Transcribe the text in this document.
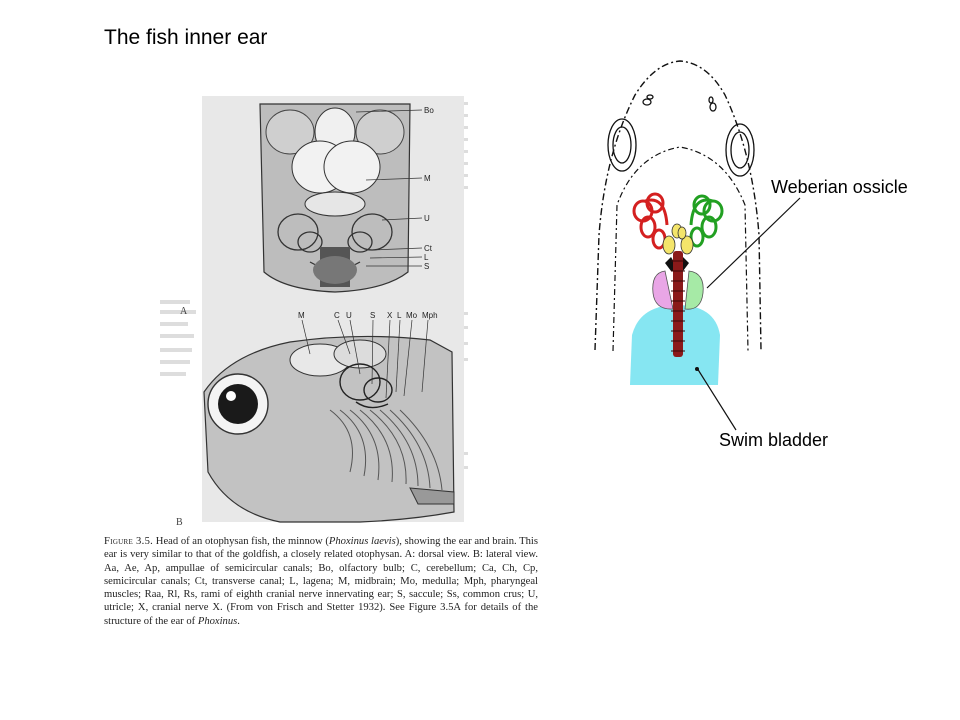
The fish inner ear
Bo
M
U
Ct
L
S
M	C U S X L Mo Mph
A
B
Figure 3.5. Head of an otophysan fish, the minnow (Phoxinus laevis), showing the ear and brain. This ear is very similar to that of the goldfish, a closely related otophysan. A: dorsal view. B: lateral view. Aa, Ae, Ap, ampullae of semicircular canals; Bo, olfactory bulb; C, cerebellum; Ca, Ch, Cp, semicircular canals; Ct, transverse canal; L, lagena; M, midbrain; Mo, medulla; Mph, pharyngeal muscles; Raa, Rl, Rs, rami of eighth cranial nerve innervating ear; S, saccule; Ss, common crus; U, utricle; X, cranial nerve X. (From von Frisch and Stetter 1932). See Figure 3.5A for details of the structure of the ear of Phoxinus.
Weberian ossicle
Swim bladder
